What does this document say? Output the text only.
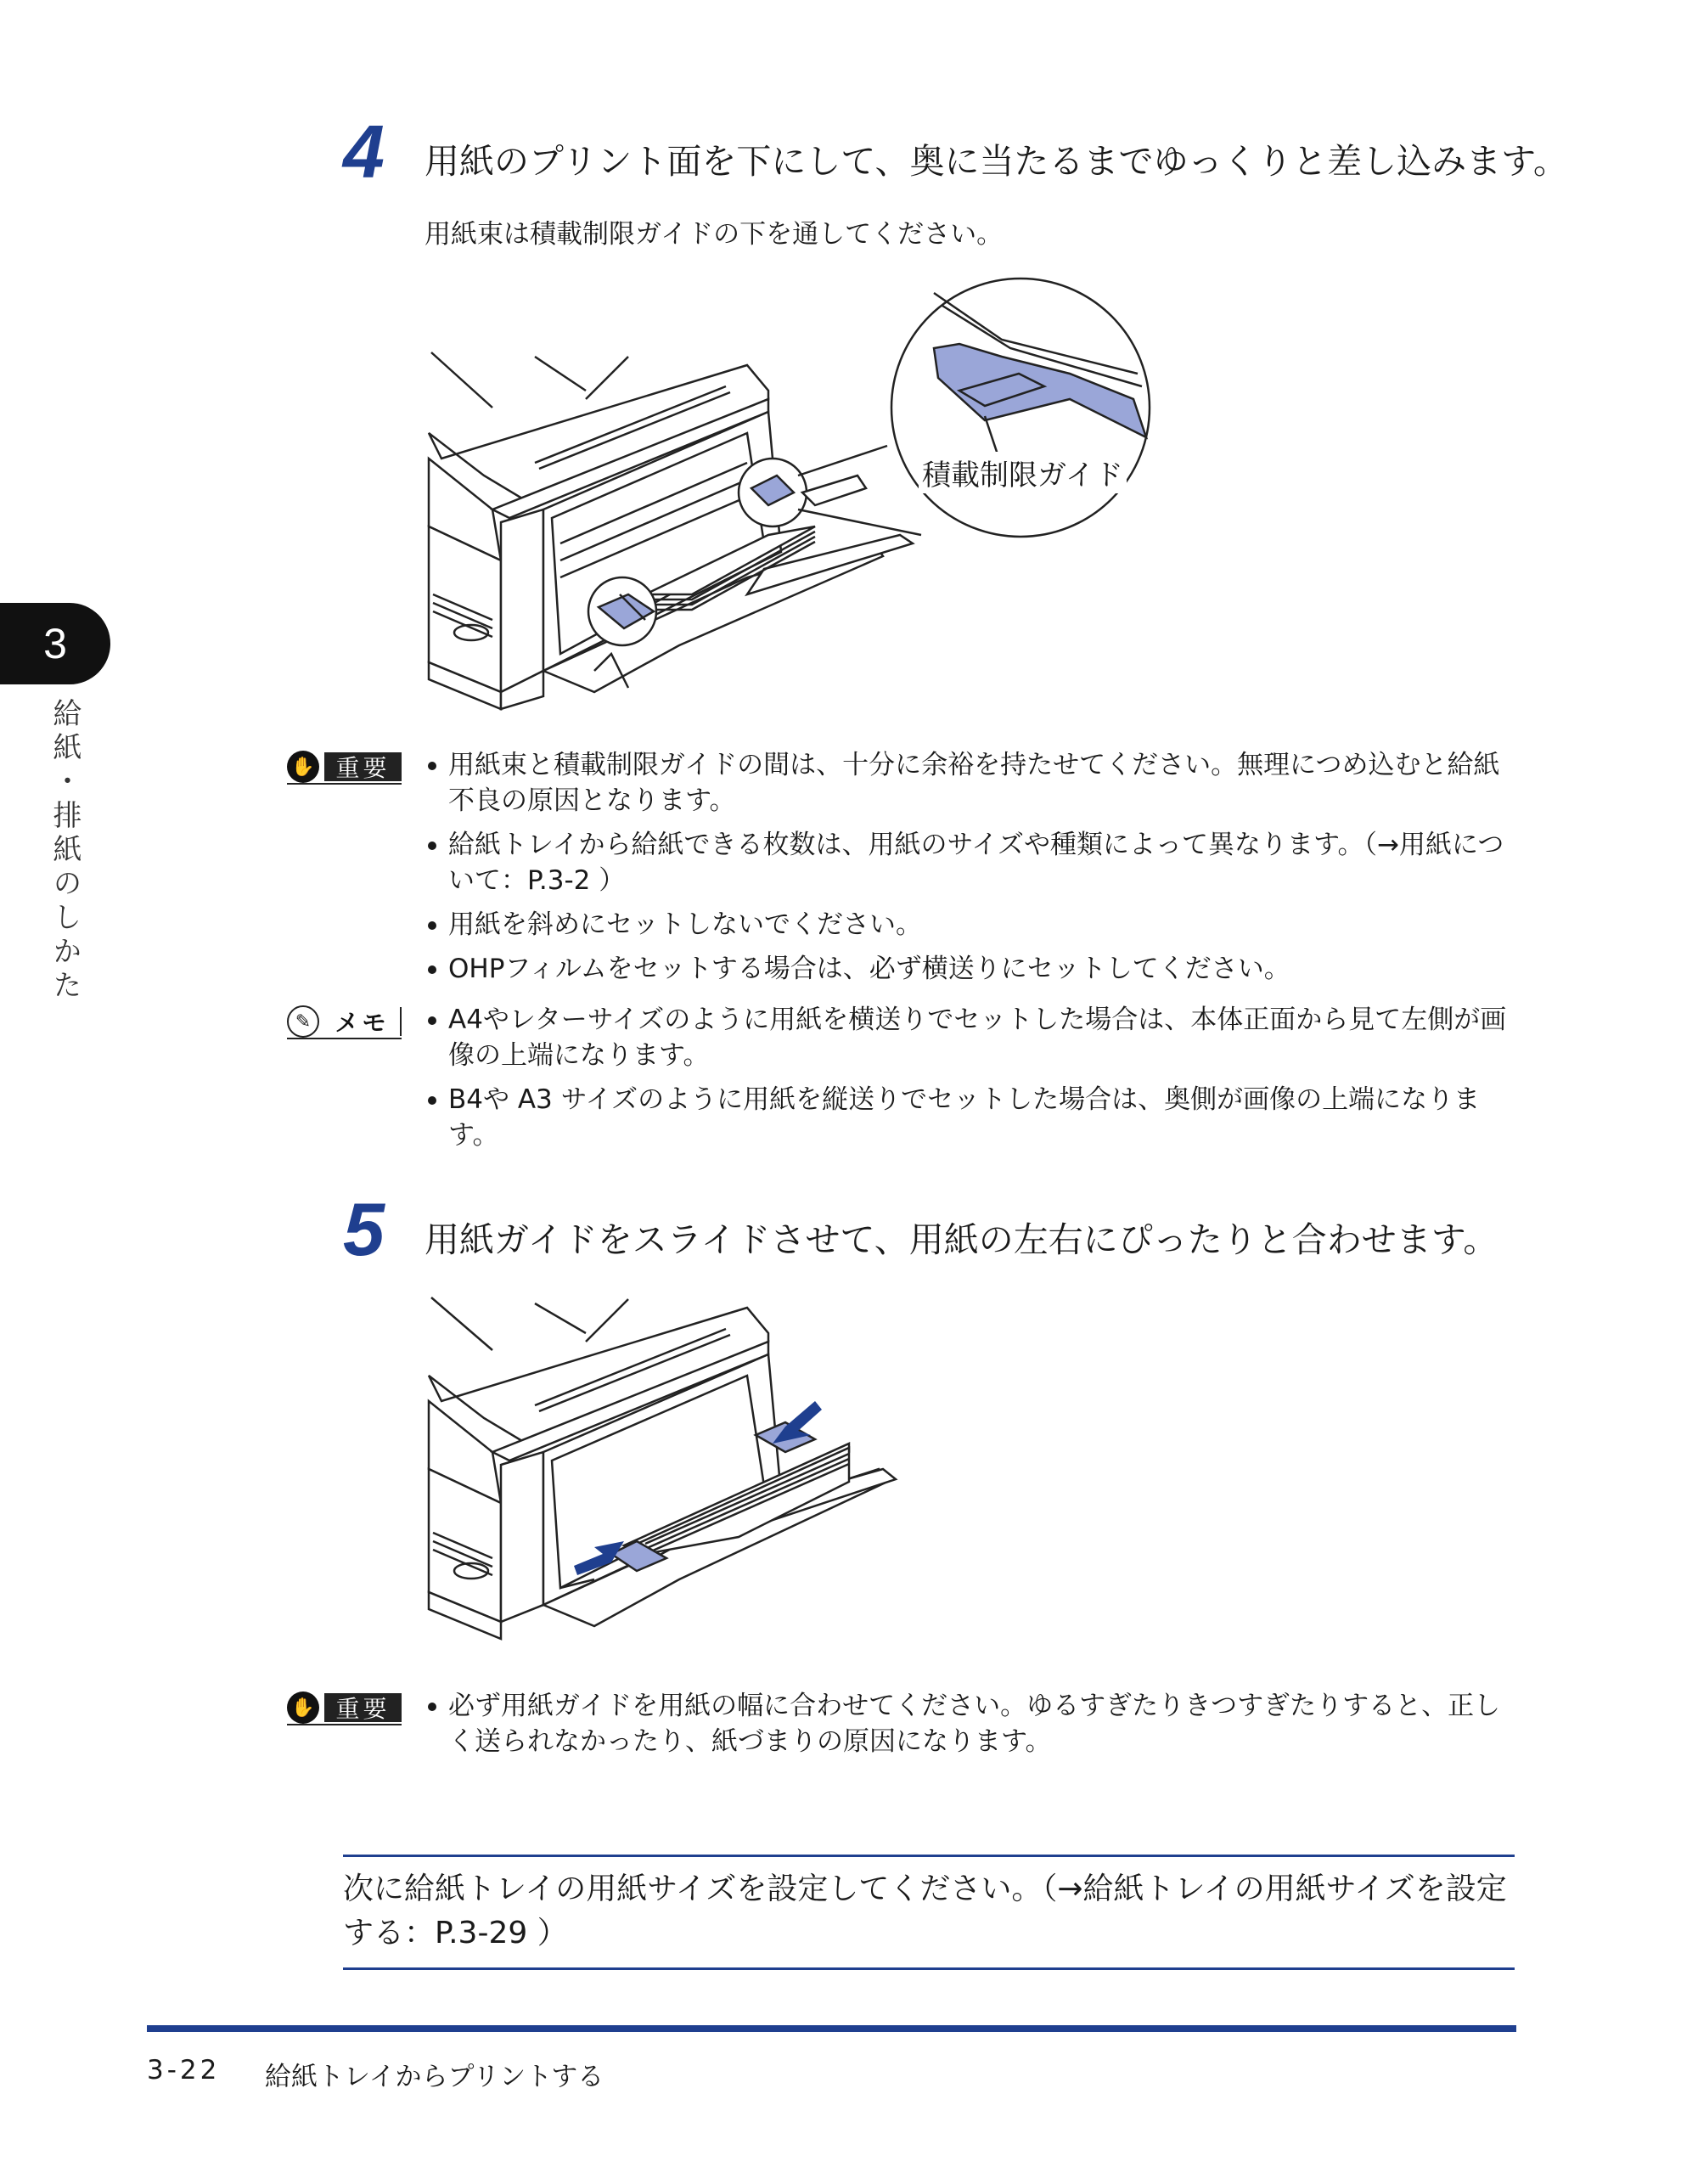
3
給紙・排紙のしかた
4 用紙のプリント面を下にして、奥に当たるまでゆっくりと差し込みます。
用紙束は積載制限ガイドの下を通してください。
積載制限ガイド
✋ 重要	用紙束と積載制限ガイドの間は、十分に余裕を持たせてください。無理につめ込むと給紙不良の原因となります。
給紙トレイから給紙できる枚数は、用紙のサイズや種類によって異なります。（→用紙について：P.3-2 ）
用紙を斜めにセットしないでください。
OHPフィルムをセットする場合は、必ず横送りにセットしてください。
✎	メモ	A4やレターサイズのように用紙を横送りでセットした場合は、本体正面から見て左側が画像の上端になります。
B4や A3 サイズのように用紙を縦送りでセットした場合は、奥側が画像の上端になります。
5 用紙ガイドをスライドさせて、用紙の左右にぴったりと合わせます。
✋ 重要	必ず用紙ガイドを用紙の幅に合わせてください。ゆるすぎたりきつすぎたりすると、正しく送られなかったり、紙づまりの原因になります。
次に給紙トレイの用紙サイズを設定してください。（→給紙トレイの用紙サイズを設定する：P.3-29 ）
3-22 給紙トレイからプリントする
